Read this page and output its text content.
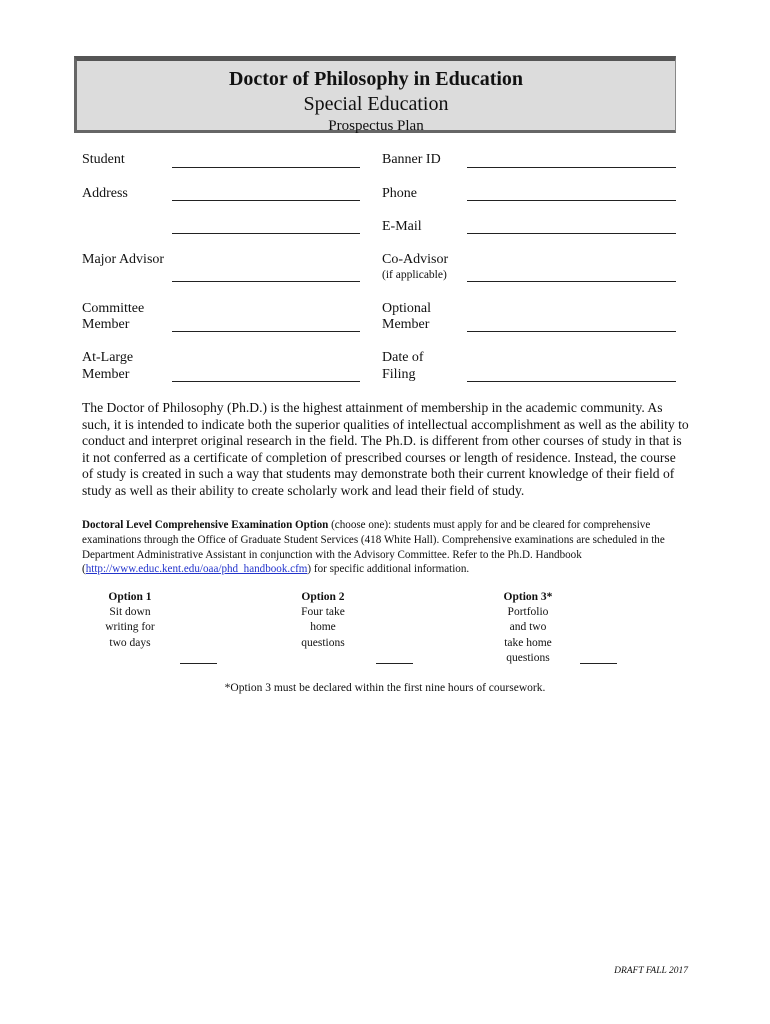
Doctor of Philosophy in Education
Special Education
Prospectus Plan
Student
Address
Major Advisor
Committee
Member
At-Large
Member
Banner ID
Phone
E-Mail
Co-Advisor
(if applicable)
Optional
Member
Date of
Filing
The Doctor of Philosophy (Ph.D.) is the highest attainment of membership in the academic community. As such, it is intended to indicate both the superior qualities of intellectual accomplishment as well as the ability to conduct and interpret original research in the field. The Ph.D. is different from other courses of study in that is it not conferred as a certificate of completion of prescribed courses or length of residence. Instead, the course of study is created in such a way that students may demonstrate both their current knowledge of their field of study as well as their ability to create scholarly work and lead their field of study.
Doctoral Level Comprehensive Examination Option (choose one): students must apply for and be cleared for comprehensive examinations through the Office of Graduate Student Services (418 White Hall). Comprehensive examinations are scheduled in the Department Administrative Assistant in conjunction with the Advisory Committee. Refer to the Ph.D. Handbook (http://www.educ.kent.edu/oaa/phd_handbook.cfm) for specific additional information.
Option 1
Sit down
writing for
two days
Option 2
Four take
home
questions
Option 3*
Portfolio
and two
take home
questions
*Option 3 must be declared within the first nine hours of coursework.
DRAFT FALL 2017
